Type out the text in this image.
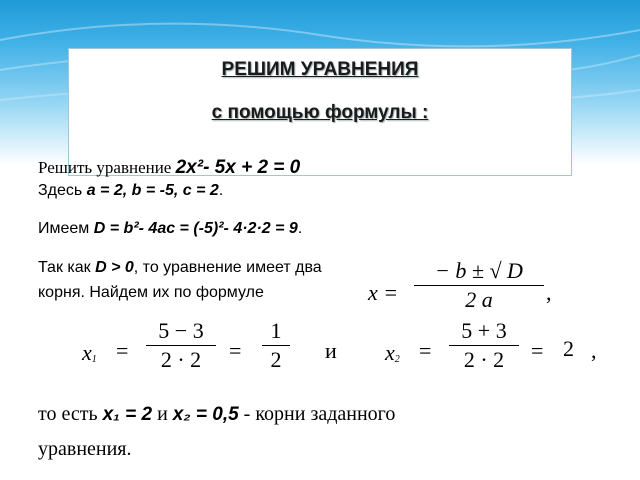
РЕШИМ УРАВНЕНИЯ
с помощью формулы :
Решить уравнение 2x²- 5x + 2 = 0
Здесь a = 2, b = -5, c = 2.
Имеем D = b²- 4ac = (-5)²- 4·2·2 = 9.
Так как D > 0, то уравнение имеет два
корня. Найдем их по формуле	x =
− b ± √ D
2 a	,
x1 =
5 − 3
2 · 2	=
1
2	и x2 =
5 + 3
2 · 2	= 2 ,
то есть x₁ = 2 и x₂ = 0,5 - корни заданного
уравнения.
